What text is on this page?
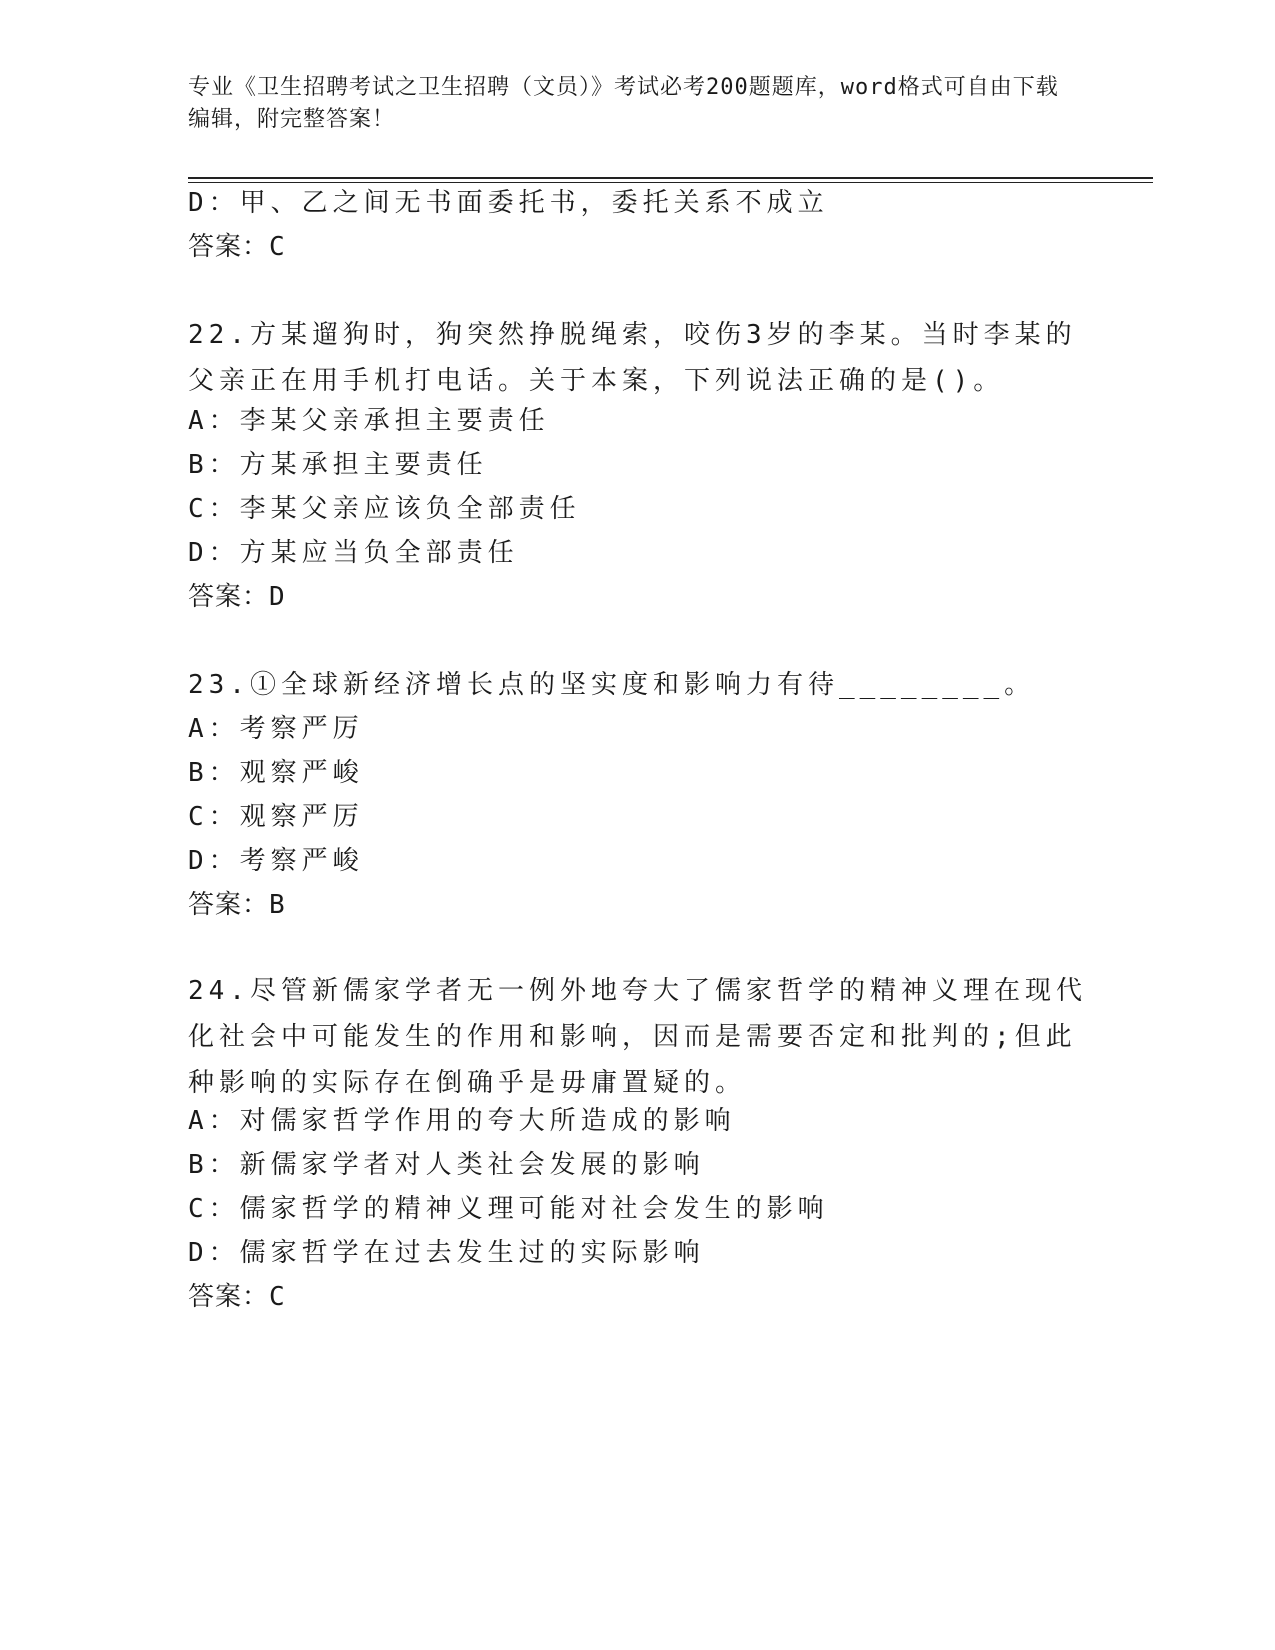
专业《卫生招聘考试之卫生招聘（文员）》考试必考200题题库，word格式可自由下载编辑，附完整答案！
D：甲、乙之间无书面委托书，委托关系不成立
答案：C
22.方某遛狗时，狗突然挣脱绳索，咬伤3岁的李某。当时李某的父亲正在用手机打电话。关于本案，下列说法正确的是()。
A：李某父亲承担主要责任
B：方某承担主要责任
C：李某父亲应该负全部责任
D：方某应当负全部责任
答案：D
23.①全球新经济增长点的坚实度和影响力有待________。
A：考察严厉
B：观察严峻
C：观察严厉
D：考察严峻
答案：B
24.尽管新儒家学者无一例外地夸大了儒家哲学的精神义理在现代化社会中可能发生的作用和影响，因而是需要否定和批判的;但此种影响的实际存在倒确乎是毋庸置疑的。
A：对儒家哲学作用的夸大所造成的影响
B：新儒家学者对人类社会发展的影响
C：儒家哲学的精神义理可能对社会发生的影响
D：儒家哲学在过去发生过的实际影响
答案：C
